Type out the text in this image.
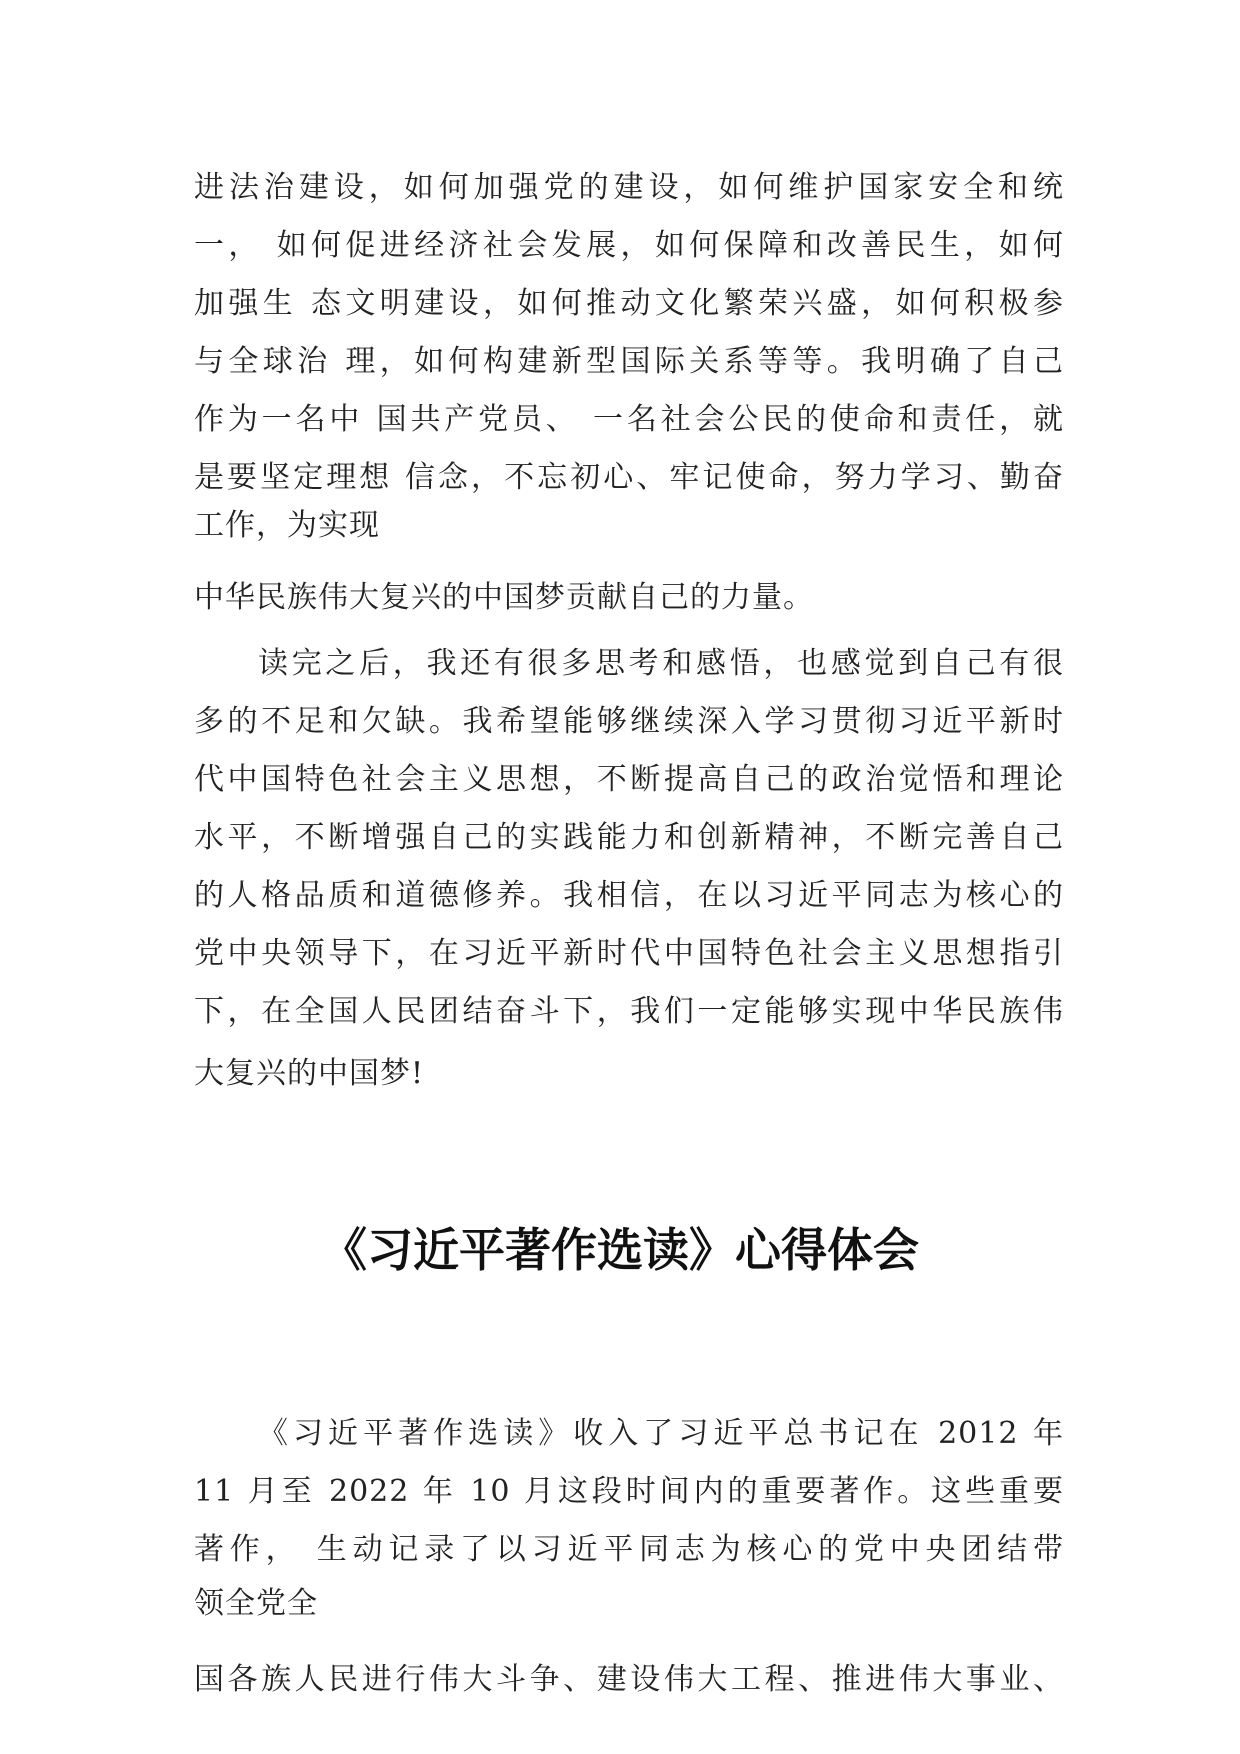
进法治建设，如何加强党的建设，如何维护国家安全和统
一， 如何促进经济社会发展，如何保障和改善民生，如何
加强生 态文明建设，如何推动文化繁荣兴盛，如何积极参
与全球治 理，如何构建新型国际关系等等。我明确了自己
作为一名中 国共产党员、 一名社会公民的使命和责任，就
是要坚定理想 信念，不忘初心、牢记使命，努力学习、勤奋
工作，为实现
中华民族伟大复兴的中国梦贡献自己的力量。
读完之后，我还有很多思考和感悟，也感觉到自己有很
多的不足和欠缺。我希望能够继续深入学习贯彻习近平新时
代中国特色社会主义思想，不断提高自己的政治觉悟和理论
水平，不断增强自己的实践能力和创新精神，不断完善自己
的人格品质和道德修养。我相信，在以习近平同志为核心的
党中央领导下，在习近平新时代中国特色社会主义思想指引
下，在全国人民团结奋斗下，我们一定能够实现中华民族伟
大复兴的中国梦!
《习近平著作选读》心得体会
《习近平著作选读》收入了习近平总书记在 2012 年
11 月至 2022 年 10 月这段时间内的重要著作。这些重要
著作， 生动记录了以习近平同志为核心的党中央团结带
领全党全
国各族人民进行伟大斗争、建设伟大工程、推进伟大事业、
